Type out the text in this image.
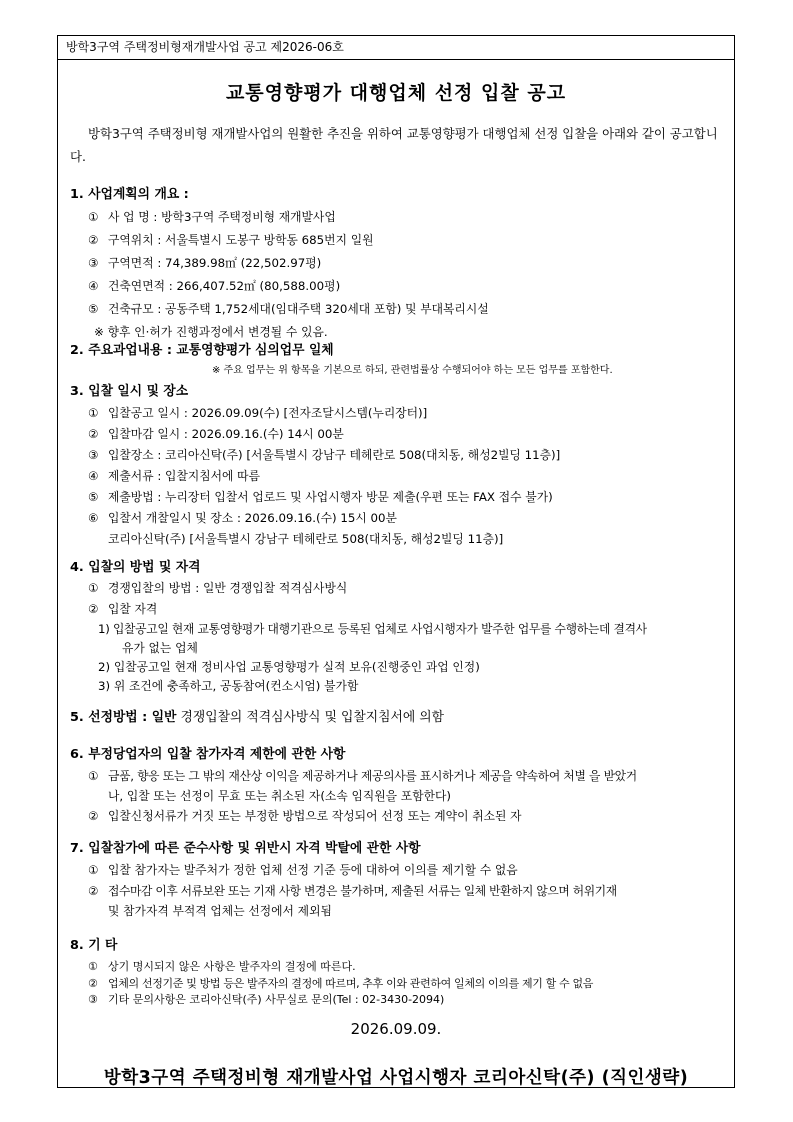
방학3구역 주택정비형재개발사업 공고 제2026-06호
교통영향평가 대행업체 선정 입찰 공고
방학3구역 주택정비형 재개발사업의 원활한 추진을 위하여 교통영향평가 대행업체 선정 입찰을 아래와 같이 공고합니다.
1. 사업계획의 개요 :
① 사 업 명 : 방학3구역 주택정비형 재개발사업
② 구역위치 : 서울특별시 도봉구 방학동 685번지 일원
③ 구역면적 : 74,389.98㎡ (22,502.97평)
④ 건축연면적 : 266,407.52㎡ (80,588.00평)
⑤ 건축규모 : 공동주택 1,752세대(임대주택 320세대 포함) 및 부대복리시설
※ 향후 인·허가 진행과정에서 변경될 수 있음.
2. 주요과업내용 : 교통영향평가 심의업무 일체
※ 주요 업무는 위 항목을 기본으로 하되, 관련법률상 수행되어야 하는 모든 업무를 포함한다.
3. 입찰 일시 및 장소
① 입찰공고 일시 : 2026.09.09(수) [전자조달시스템(누리장터)]
② 입찰마감 일시 : 2026.09.16.(수) 14시 00분
③ 입찰장소 : 코리아신탁(주) [서울특별시 강남구 테헤란로 508(대치동, 해성2빌딩 11층)]
④ 제출서류 : 입찰지침서에 따름
⑤ 제출방법 : 누리장터 입찰서 업로드 및 사업시행자 방문 제출(우편 또는 FAX 접수 불가)
⑥ 입찰서 개찰일시 및 장소 : 2026.09.16.(수) 15시 00분
코리아신탁(주) [서울특별시 강남구 테헤란로 508(대치동, 해성2빌딩 11층)]
4. 입찰의 방법 및 자격
① 경쟁입찰의 방법 : 일반 경쟁입찰 적격심사방식
② 입찰 자격
1) 입찰공고일 현재 교통영향평가 대행기관으로 등록된 업체로 사업시행자가 발주한 업무를 수행하는데 결격사
유가 없는 업체
2) 입찰공고일 현재 정비사업 교통영향평가 실적 보유(진행중인 과업 인정)
3) 위 조건에 충족하고, 공동참여(컨소시엄) 불가함
5. 선정방법 : 일반 경쟁입찰의 적격심사방식 및 입찰지침서에 의함
6. 부정당업자의 입찰 참가자격 제한에 관한 사항
① 금품, 향응 또는 그 밖의 재산상 이익을 제공하거나 제공의사를 표시하거나 제공을 약속하여 처별 을 받았거
나, 입찰 또는 선정이 무효 또는 취소된 자(소속 임직원을 포함한다)
② 입찰신청서류가 거짓 또는 부정한 방법으로 작성되어 선정 또는 계약이 취소된 자
7. 입찰참가에 따른 준수사항 및 위반시 자격 박탈에 관한 사항
① 입찰 참가자는 발주처가 정한 업체 선정 기준 등에 대하여 이의를 제기할 수 없음
② 접수마감 이후 서류보완 또는 기재 사항 변경은 불가하며, 제출된 서류는 일체 반환하지 않으며 허위기재
및 참가자격 부적격 업체는 선정에서 제외됨
8. 기 타
① 상기 명시되지 않은 사항은 발주자의 결정에 따른다.
② 업체의 선정기준 및 방법 등은 발주자의 결정에 따르며, 추후 이와 관련하여 일체의 이의를 제기 할 수 없음
③ 기타 문의사항은 코리아신탁(주) 사무실로 문의(Tel : 02-3430-2094)
2026.09.09.
방학3구역 주택정비형 재개발사업 사업시행자 코리아신탁(주) (직인생략)
